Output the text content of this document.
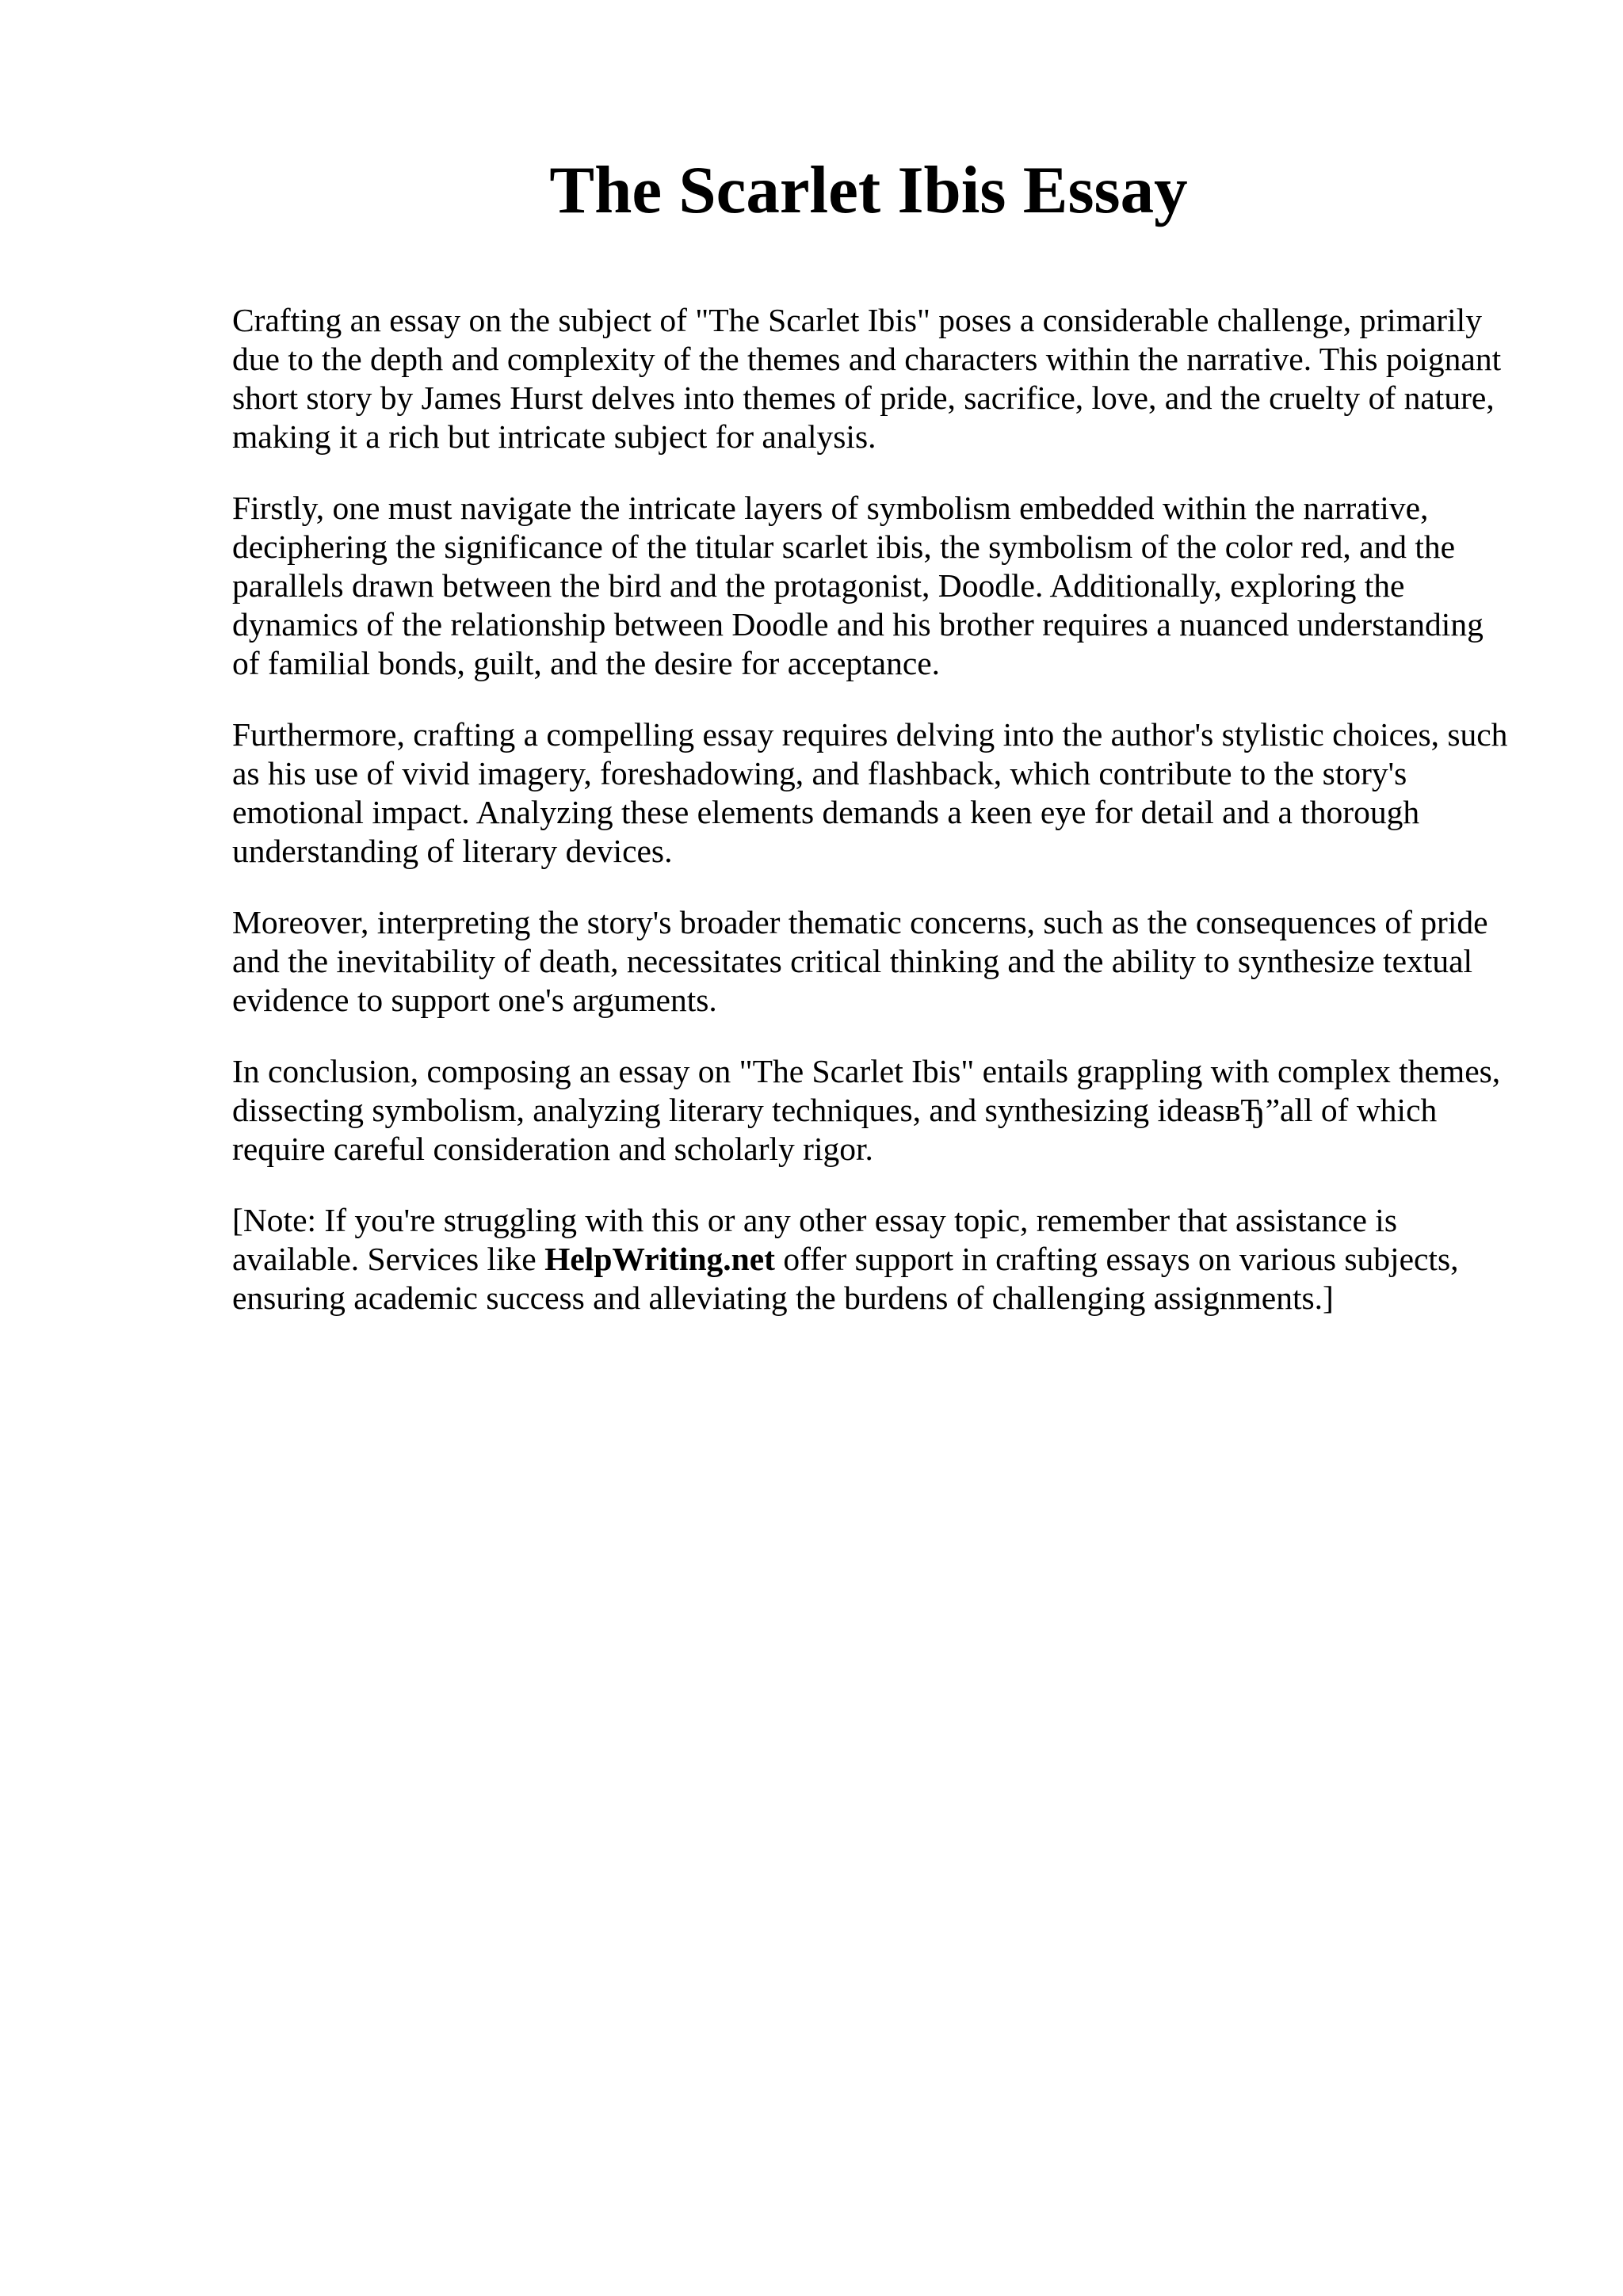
The Scarlet Ibis Essay

Crafting an essay on the subject of "The Scarlet Ibis" poses a considerable challenge, primarily
due to the depth and complexity of the themes and characters within the narrative. This poignant
short story by James Hurst delves into themes of pride, sacrifice, love, and the cruelty of nature,
making it a rich but intricate subject for analysis.

Firstly, one must navigate the intricate layers of symbolism embedded within the narrative,
deciphering the significance of the titular scarlet ibis, the symbolism of the color red, and the
parallels drawn between the bird and the protagonist, Doodle. Additionally, exploring the
dynamics of the relationship between Doodle and his brother requires a nuanced understanding
of familial bonds, guilt, and the desire for acceptance.

Furthermore, crafting a compelling essay requires delving into the author's stylistic choices, such
as his use of vivid imagery, foreshadowing, and flashback, which contribute to the story's
emotional impact. Analyzing these elements demands a keen eye for detail and a thorough
understanding of literary devices.

Moreover, interpreting the story's broader thematic concerns, such as the consequences of pride
and the inevitability of death, necessitates critical thinking and the ability to synthesize textual
evidence to support one's arguments.

In conclusion, composing an essay on "The Scarlet Ibis" entails grappling with complex themes,
dissecting symbolism, analyzing literary techniques, and synthesizing ideasвЂ”all of which
require careful consideration and scholarly rigor.

[Note: If you're struggling with this or any other essay topic, remember that assistance is
available. Services like HelpWriting.net offer support in crafting essays on various subjects,
ensuring academic success and alleviating the burdens of challenging assignments.]
